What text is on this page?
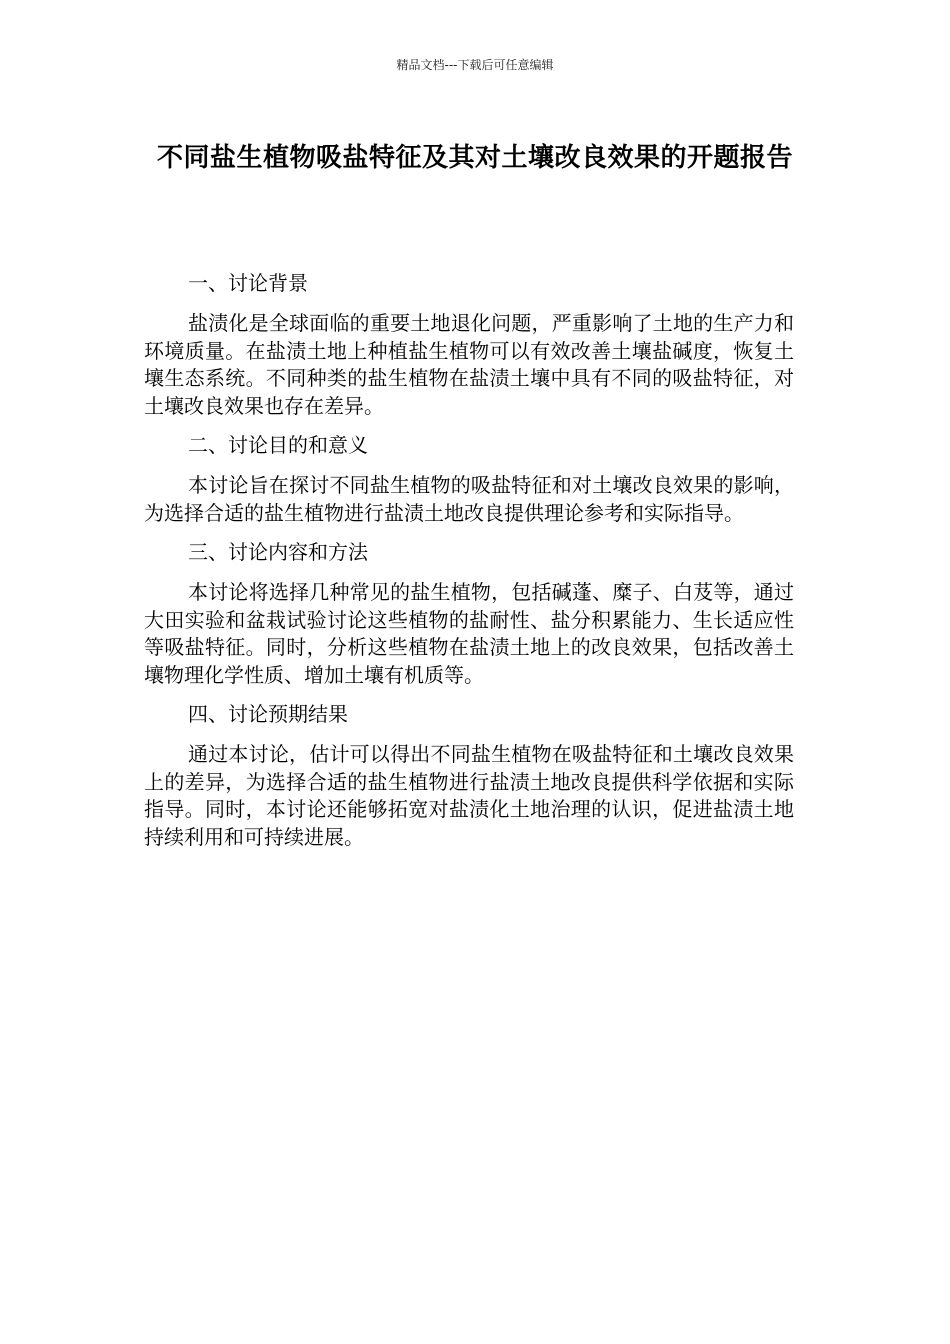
精品文档---下载后可任意编辑
不同盐生植物吸盐特征及其对土壤改良效果的开题报告

一、讨论背景

盐渍化是全球面临的重要土地退化问题，严重影响了土地的生产力和环境质量。在盐渍土地上种植盐生植物可以有效改善土壤盐碱度，恢复土壤生态系统。不同种类的盐生植物在盐渍土壤中具有不同的吸盐特征，对土壤改良效果也存在差异。

二、讨论目的和意义

本讨论旨在探讨不同盐生植物的吸盐特征和对土壤改良效果的影响，为选择合适的盐生植物进行盐渍土地改良提供理论参考和实际指导。

三、讨论内容和方法

本讨论将选择几种常见的盐生植物，包括碱蓬、糜子、白芨等，通过大田实验和盆栽试验讨论这些植物的盐耐性、盐分积累能力、生长适应性等吸盐特征。同时，分析这些植物在盐渍土地上的改良效果，包括改善土壤物理化学性质、增加土壤有机质等。

四、讨论预期结果

通过本讨论，估计可以得出不同盐生植物在吸盐特征和土壤改良效果上的差异，为选择合适的盐生植物进行盐渍土地改良提供科学依据和实际指导。同时，本讨论还能够拓宽对盐渍化土地治理的认识，促进盐渍土地持续利用和可持续进展。
